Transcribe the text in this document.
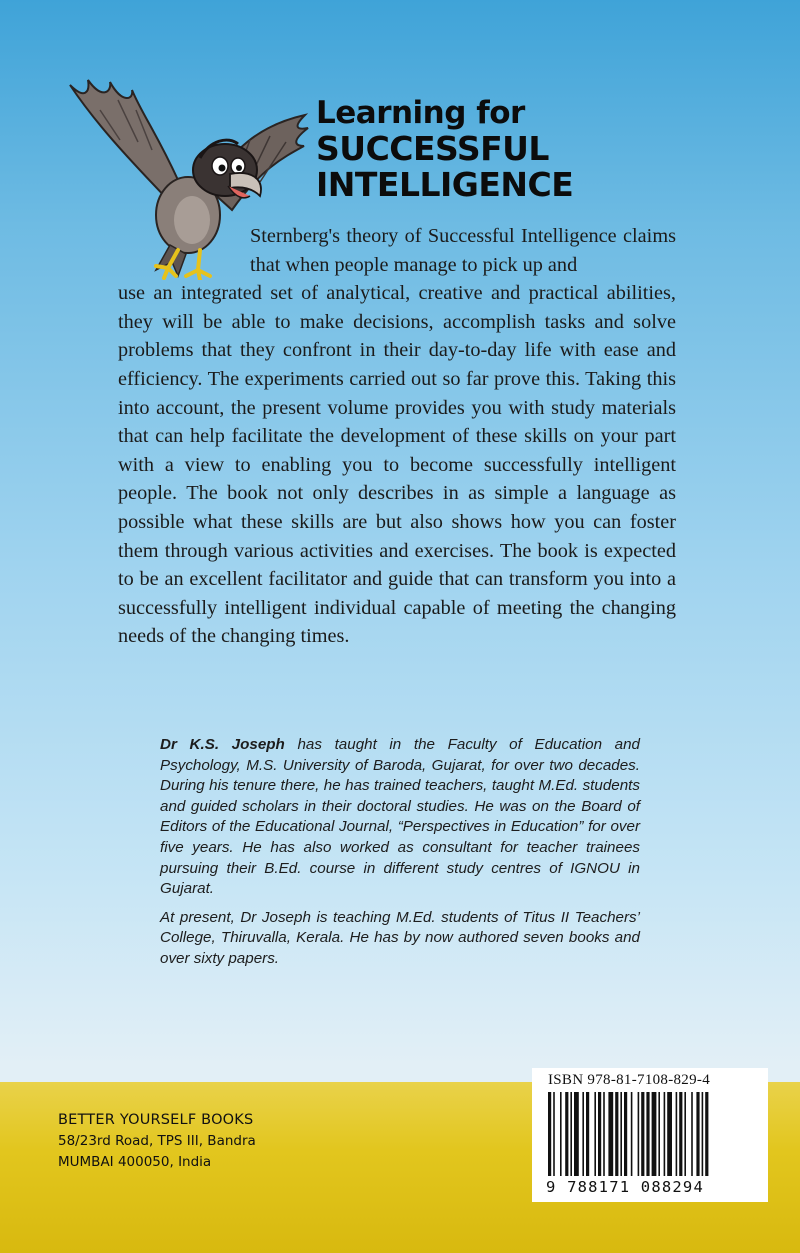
Learning for
SUCCESSFUL
INTELLIGENCE
Sternberg's theory of Successful Intelligence claims that when people manage to pick up and
use an integrated set of analytical, creative and practical abilities, they will be able to make decisions, accomplish tasks and solve problems that they confront in their day-to-day life with ease and efficiency. The experiments carried out so far prove this. Taking this into account, the present volume provides you with study materials that can help facilitate the development of these skills on your part with a view to enabling you to become successfully intelligent people. The book not only describes in as simple a language as possible what these skills are but also shows how you can foster them through various activities and exercises. The book is expected to be an excellent facilitator and guide that can transform you into a successfully intelligent individual capable of meeting the changing needs of the changing times.

Dr K.S. Joseph has taught in the Faculty of Education and Psychology, M.S. University of Baroda, Gujarat, for over two decades. During his tenure there, he has trained teachers, taught M.Ed. students and guided scholars in their doctoral studies. He was on the Board of Editors of the Educational Journal, “Perspectives in Education” for over five years. He has also worked as consultant for teacher trainees pursuing their B.Ed. course in different study centres of IGNOU in Gujarat.

At present, Dr Joseph is teaching M.Ed. students of Titus II Teachers’ College, Thiruvalla, Kerala. He has by now authored seven books and over sixty papers.

BETTER YOURSELF BOOKS
58/23rd Road, TPS III, Bandra
MUMBAI 400050, India
ISBN 978-81-7108-829-4
9 788171 088294
